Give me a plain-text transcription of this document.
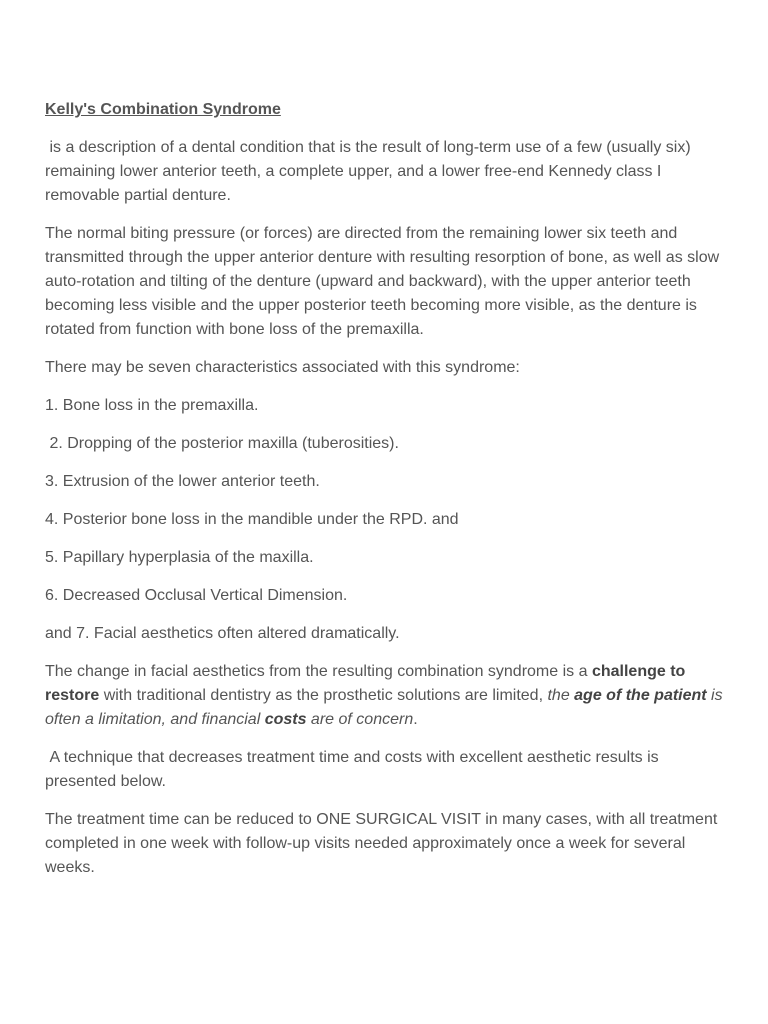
Kelly's Combination Syndrome

is a description of a dental condition that is the result of long-term use of a few (usually six) remaining lower anterior teeth, a complete upper, and a lower free-end Kennedy class I removable partial denture.

The normal biting pressure (or forces) are directed from the remaining lower six teeth and transmitted through the upper anterior denture with resulting resorption of bone, as well as slow auto-rotation and tilting of the denture (upward and backward), with the upper anterior teeth becoming less visible and the upper posterior teeth becoming more visible, as the denture is rotated from function with bone loss of the premaxilla.

There may be seven characteristics associated with this syndrome:

1. Bone loss in the premaxilla.

2. Dropping of the posterior maxilla (tuberosities).

3. Extrusion of the lower anterior teeth.

4. Posterior bone loss in the mandible under the RPD. and

5. Papillary hyperplasia of the maxilla.

6. Decreased Occlusal Vertical Dimension.

and 7. Facial aesthetics often altered dramatically.

The change in facial aesthetics from the resulting combination syndrome is a challenge to restore with traditional dentistry as the prosthetic solutions are limited, the age of the patient is often a limitation, and financial costs are of concern.

A technique that decreases treatment time and costs with excellent aesthetic results is presented below.

The treatment time can be reduced to ONE SURGICAL VISIT in many cases, with all treatment completed in one week with follow-up visits needed approximately once a week for several weeks.
